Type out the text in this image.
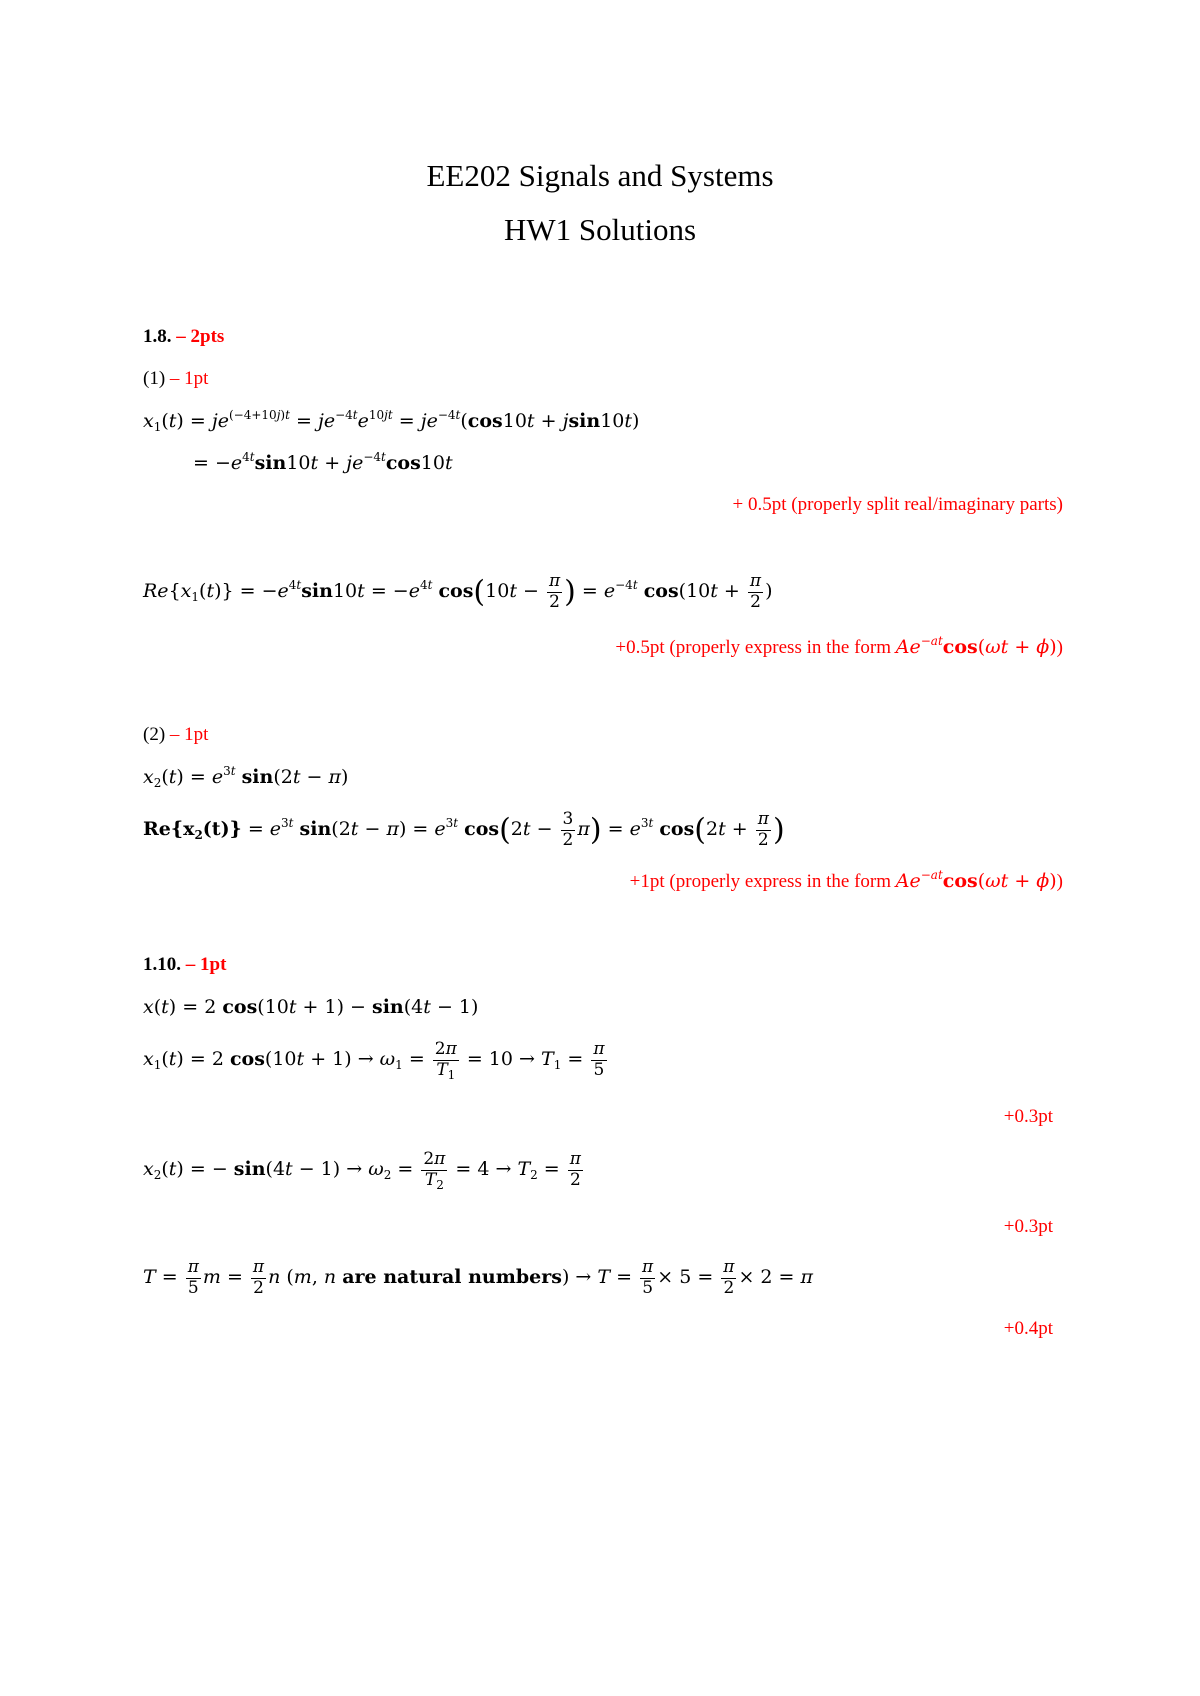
EE202 Signals and Systems
HW1 Solutions
1.8. – 2pts
(1) – 1pt
$x_1(t) = je^{(-4+10j)t} = je^{-4t}e^{10jt} = je^{-4t}(\cos 10t + jsin10t)$
= $-e^{4t}\sin 10t + je^{-4t}\cos 10t$
+ 0.5pt (properly split real/imaginary parts)
$Re\{x_1(t)\} = -e^{4t}\sin 10t = -e^{4t}$ $\cos(10t - \frac{\pi}{2}$ ) = $e^{-4t}$ $\cos(10t + \frac{\pi}{2}$ )
+0.5pt (properly express in the form $Ae^{-at}\cos(\omega t + \phi)$)
(2) – 1pt
$x_2(t) = e^{3t}$ sin(2t − π)
$Re\{x_2(t)\} = e^{3t}$ $\sin(2t - \pi) = e^{3t}$ $\cos(2t - \frac{3}{2} \pi) = e^{3t}$ $\cos(2t + \frac{\pi}{2}$ )
+1pt (properly express in the form $Ae^{-at}\cos(\omega t + \phi)$)
1.10. – 1pt
x(t) = 2 cos(10t + 1) − sin(4t − 1)
$x_1(t) = 2$ $\cos(10t + 1) \to \omega_1 = \frac{2\pi}{T_1} = 10 \to T_1 = \frac{\pi}{5}$
+0.3pt
$x_2(t)$ = − $\sin(4t - 1) \to \omega_2 = \frac{2\pi}{T_2} = 4 \to T_2 = \frac{\pi}{2}$
+0.3pt
$T = \frac{\pi}{5}$ $m = \frac{\pi}{2}$ n (m, n are natural numbers) → $T = \frac{\pi}{5} \times 5 = \frac{\pi}{2} \times 2 = \pi$
+0.4pt
